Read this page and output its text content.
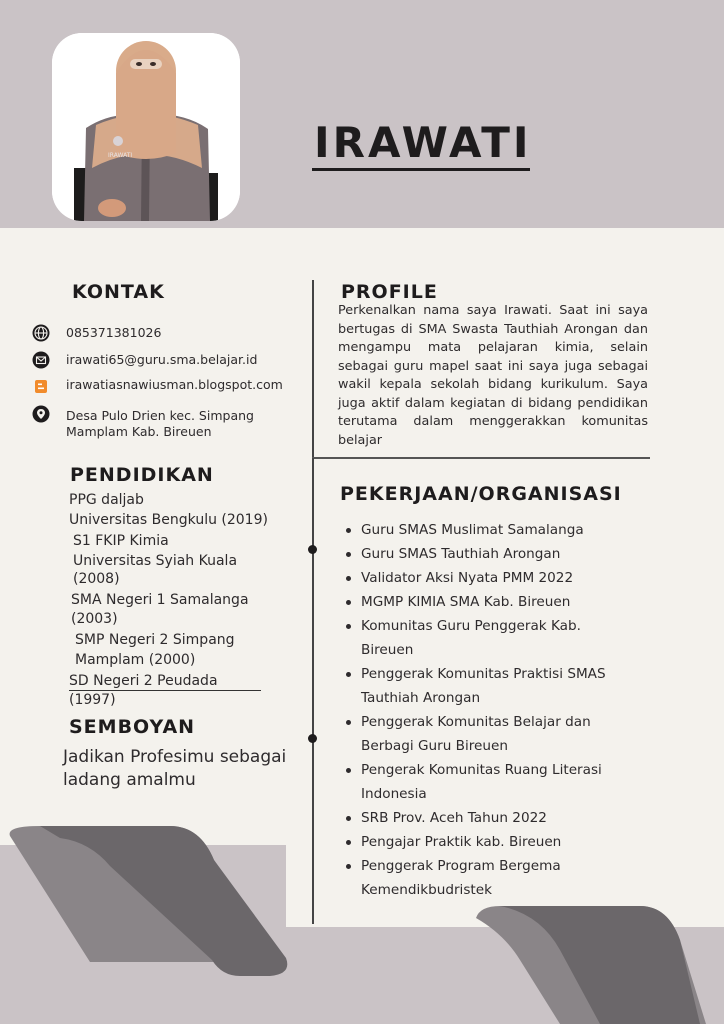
IRAWATI	IRAWATI
KONTAK
085371381026
irawati65@guru.sma.belajar.id
irawatiasnawiusman.blogspot.com
Desa Pulo Drien kec. Simpang
Mamplam Kab. Bireuen
PROFILE
Perkenalkan nama saya Irawati. Saat ini saya bertugas di SMA Swasta Tauthiah Arongan dan mengampu mata pelajaran kimia, selain sebagai guru mapel saat ini saya juga sebagai wakil kepala sekolah bidang kurikulum. Saya juga aktif dalam kegiatan di bidang pendidikan terutama dalam menggerakkan komunitas belajar
PENDIDIKAN
PPG daljab
Universitas Bengkulu (2019)
S1 FKIP Kimia
Universitas Syiah Kuala
(2008)
SMA Negeri 1 Samalanga
(2003)
SMP Negeri 2 Simpang
Mamplam (2000)
SD Negeri 2 Peudada
(1997)
SEMBOYAN
Jadikan Profesimu sebagai
ladang amalmu
PEKERJAAN/ORGANISASI
Guru SMAS Muslimat Samalanga
Guru SMAS Tauthiah Arongan
Validator Aksi Nyata PMM 2022
MGMP KIMIA SMA Kab. Bireuen
Komunitas Guru Penggerak Kab. Bireuen
Penggerak Komunitas Praktisi SMAS Tauthiah Arongan
Penggerak Komunitas Belajar dan Berbagi Guru Bireuen
Pengerak Komunitas Ruang Literasi Indonesia
SRB Prov. Aceh Tahun 2022
Pengajar Praktik kab. Bireuen
Penggerak Program Bergema Kemendikbudristek
